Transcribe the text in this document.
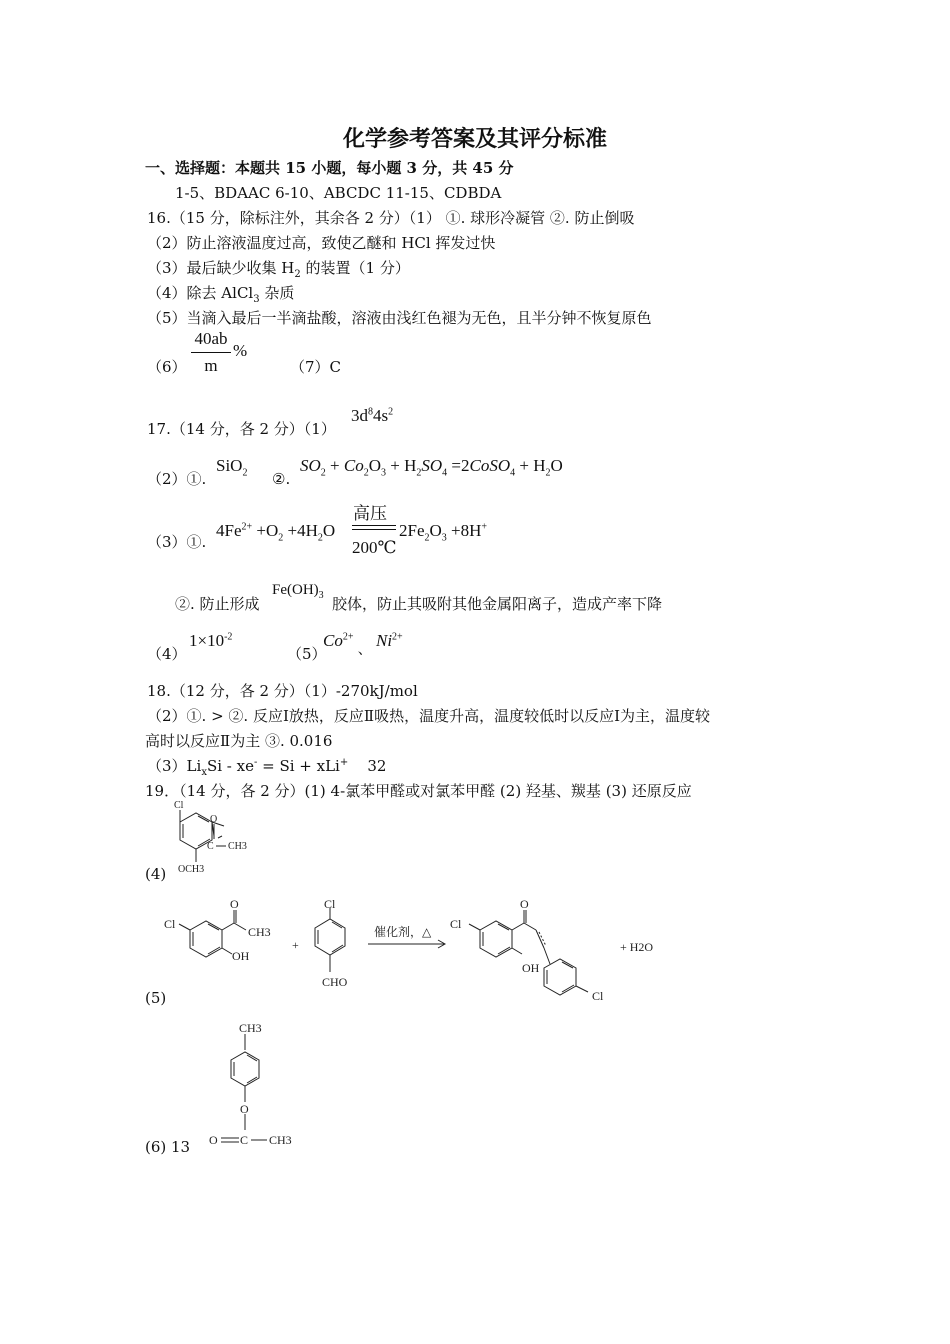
化学参考答案及其评分标准
一、选择题：本题共 15 小题，每小题 3 分，共 45 分
1-5、BDAAC 6-10、ABCDC 11-15、CDBDA
16.（15 分，除标注外，其余各 2 分）（1） ①. 球形冷凝管 ②. 防止倒吸
（2）防止溶液温度过高，致使乙醚和 HCl 挥发过快
（3）最后缺少收集 $H_2$ 的装置（1 分）
（4）除去 AlCl$_3$ 杂质
（5）当滴入最后一半滴盐酸，溶液由浅红色褪为无色，且半分钟不恢复原色
（6）
40ab
m
%
（7）C
17.（14 分，各 2 分）（1）
$3d^84s^2$
（2）①.
SiO$_2$ ②.
$SO_2 + Co_2O_3 + H_2SO_4$ =2CoSO$_4$ + $H_2O$
（3）①.
$4Fe^{2+} +O_2 +4H_2O$
高压
200℃
$2Fe_2O_3 +8H^+$
②. 防止形成
$Fe(OH)_3$ 胶体，防止其吸附其他金属阳离子，造成产率下降
（4）
$1\times 10^{-2}$
（5）
$Co^{2+}$ $_、$ $Ni^{2+}$
18.（12 分，各 2 分）（1）-270kJ/mol
（2）①. > ②. 反应Ⅰ放热，反应Ⅱ吸热，温度升高，温度较低时以反应Ⅰ为主，温度较
高时以反应Ⅱ为主 ③. 0.016
$(3)Li_xSi - xe^- = Si + xLi^+$    32
19．（14 分，各 2 分）(1) 4-氯苯甲醛或对氯苯甲醛 (2) 羟基、羰基 (3) 还原反应
(4)
Cl
O
C CH3
OCH3
(5)
Cl
O
CH3
OH
+
Cl
CHO
催化剂，△
Cl
O
OH
Cl
+ H2O
(6) 13
CH3
O
O C CH3
